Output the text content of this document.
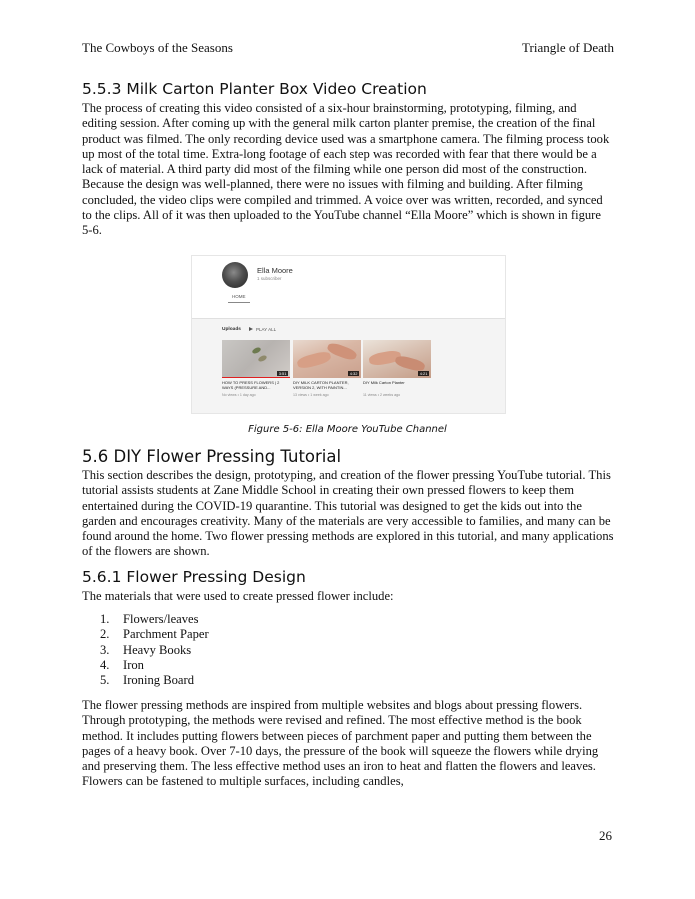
The Cowboys of the Seasons	Triangle of Death
5.5.3 Milk Carton Planter Box Video Creation

The process of creating this video consisted of a six-hour brainstorming, prototyping, filming, and editing session. After coming up with the general milk carton planter premise, the creation of the final product was filmed. The only recording device used was a smartphone camera. The filming process took up most of the total time. Extra-long footage of each step was recorded with fear that there would be a lack of material. A third party did most of the filming while one person did most of the construction. Because the design was well-planned, there were no issues with filming and building. After filming concluded, the video clips were compiled and trimmed. A voice over was written, recorded, and synced to the clips. All of it was then uploaded to the YouTube channel “Ella Moore” which is shown in figure 5-6.

Ella Moore
1 subscriber
HOME
Uploads	PLAY ALL
3:51	4:32	4:21
HOW TO PRESS FLOWERS | 2 WAYS (PRESSURE AND...
DIY MILK CARTON PLANTER, VERSION 2, WITH PAINTIN...
DIY Milk Carton Planter
No views • 1 day ago	13 views • 1 week ago	11 views • 2 weeks ago
Figure 5-6: Ella Moore YouTube Channel
5.6 DIY Flower Pressing Tutorial

This section describes the design, prototyping, and creation of the flower pressing YouTube tutorial. This tutorial assists students at Zane Middle School in creating their own pressed flowers to keep them entertained during the COVID-19 quarantine. This tutorial was designed to get the kids out into the garden and encourages creativity. Many of the materials are very accessible to families, and many can be found around the home. Two flower pressing methods are explored in this tutorial, and many applications of the flowers are shown.

5.6.1 Flower Pressing Design

The materials that were used to create pressed flower include:

1. Flowers/leaves
2. Parchment Paper
3. Heavy Books
4. Iron
5. Ironing Board

The flower pressing methods are inspired from multiple websites and blogs about pressing flowers. Through prototyping, the methods were revised and refined. The most effective method is the book method. It includes putting flowers between pieces of parchment paper and putting them between the pages of a heavy book. Over 7-10 days, the pressure of the book will squeeze the flowers while drying and preserving them. The less effective method uses an iron to heat and flatten the flowers and leaves. Flowers can be fastened to multiple surfaces, including candles,

26
